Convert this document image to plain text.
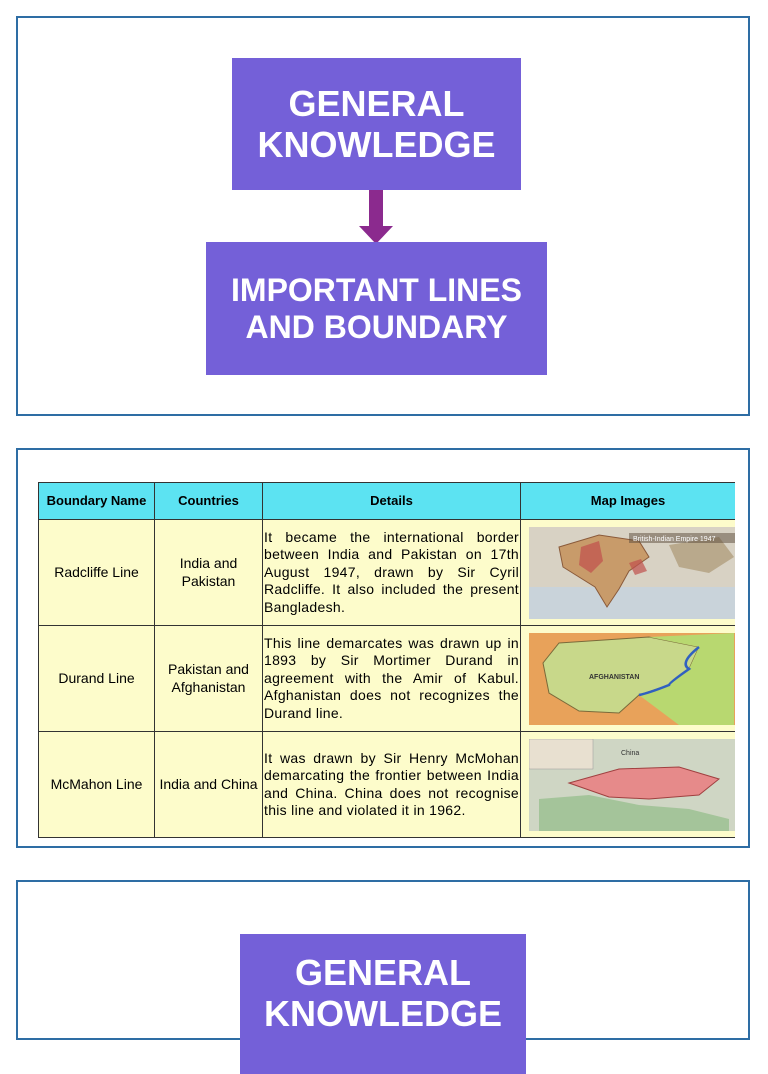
GENERAL KNOWLEDGE
IMPORTANT LINES AND BOUNDARY
Boundary Name	Countries	Details	Map Images
Radcliffe Line	India and Pakistan	It became the international border between India and Pakistan on 17th August 1947, drawn by Sir Cyril Radcliffe. It also included the present Bangladesh.	British-Indian Empire 1947

Durand Line	Pakistan and Afghanistan	This line demarcates was drawn up in 1893 by Sir Mortimer Durand in agreement with the Amir of Kabul. Afghanistan does not recognizes the Durand line.	AFGHANISTAN

McMahon Line	India and China	It was drawn by Sir Henry McMohan demarcating the frontier between India and China. China does not recognise this line and violated it in 1962.	China
GENERAL KNOWLEDGE
